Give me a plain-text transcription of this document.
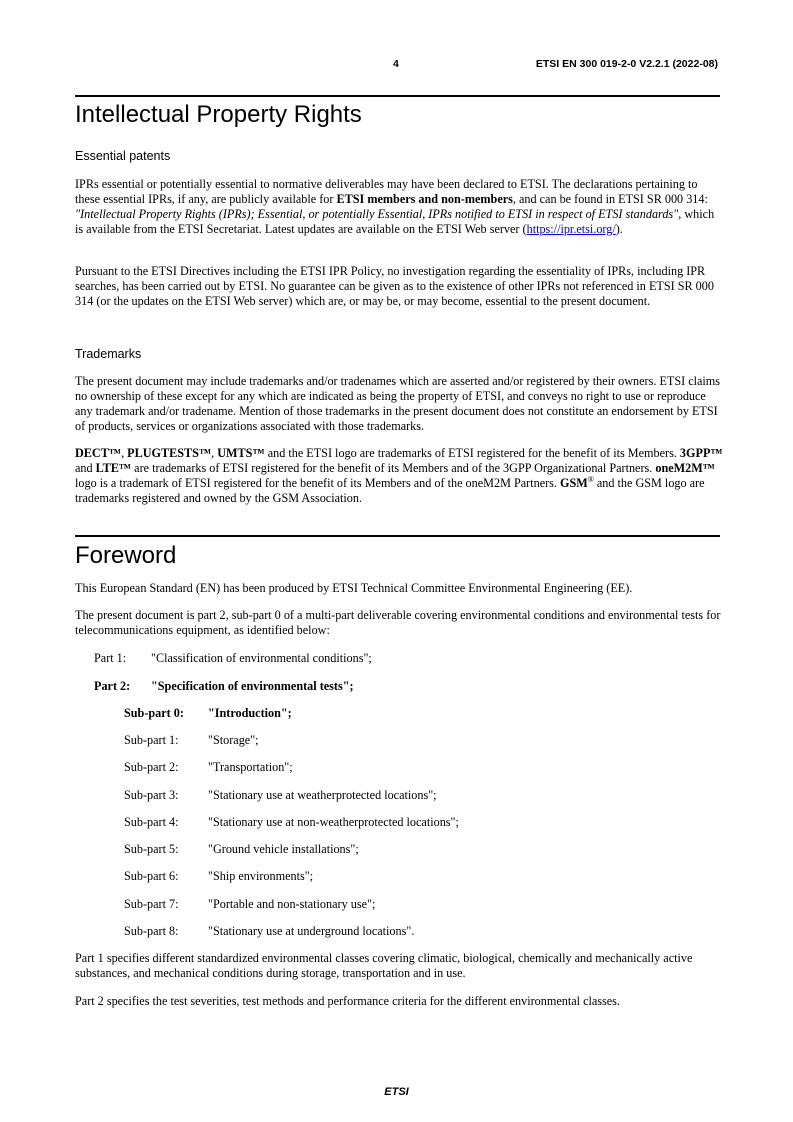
4	ETSI EN 300 019-2-0 V2.2.1 (2022-08)
Intellectual Property Rights
Essential patents

IPRs essential or potentially essential to normative deliverables may have been declared to ETSI. The declarations pertaining to these essential IPRs, if any, are publicly available for ETSI members and non-members, and can be found in ETSI SR 000 314: "Intellectual Property Rights (IPRs); Essential, or potentially Essential, IPRs notified to ETSI in respect of ETSI standards", which is available from the ETSI Secretariat. Latest updates are available on the ETSI Web server (https://ipr.etsi.org/).

Pursuant to the ETSI Directives including the ETSI IPR Policy, no investigation regarding the essentiality of IPRs, including IPR searches, has been carried out by ETSI. No guarantee can be given as to the existence of other IPRs not referenced in ETSI SR 000 314 (or the updates on the ETSI Web server) which are, or may be, or may become, essential to the present document.

Trademarks

The present document may include trademarks and/or tradenames which are asserted and/or registered by their owners. ETSI claims no ownership of these except for any which are indicated as being the property of ETSI, and conveys no right to use or reproduce any trademark and/or tradename. Mention of those trademarks in the present document does not constitute an endorsement by ETSI of products, services or organizations associated with those trademarks.

DECT™, PLUGTESTS™, UMTS™ and the ETSI logo are trademarks of ETSI registered for the benefit of its Members. 3GPP™ and LTE™ are trademarks of ETSI registered for the benefit of its Members and of the 3GPP Organizational Partners. oneM2M™ logo is a trademark of ETSI registered for the benefit of its Members and of the oneM2M Partners. GSM® and the GSM logo are trademarks registered and owned by the GSM Association.

Foreword

This European Standard (EN) has been produced by ETSI Technical Committee Environmental Engineering (EE).

The present document is part 2, sub-part 0 of a multi-part deliverable covering environmental conditions and environmental tests for telecommunications equipment, as identified below:

Part 1: "Classification of environmental conditions";
Part 2: "Specification of environmental tests";
Sub-part 0: "Introduction";
Sub-part 1: "Storage";
Sub-part 2: "Transportation";
Sub-part 3: "Stationary use at weatherprotected locations";
Sub-part 4: "Stationary use at non-weatherprotected locations";
Sub-part 5: "Ground vehicle installations";
Sub-part 6: "Ship environments";
Sub-part 7: "Portable and non-stationary use";
Sub-part 8: "Stationary use at underground locations".

Part 1 specifies different standardized environmental classes covering climatic, biological, chemically and mechanically active substances, and mechanical conditions during storage, transportation and in use.

Part 2 specifies the test severities, test methods and performance criteria for the different environmental classes.

ETSI
